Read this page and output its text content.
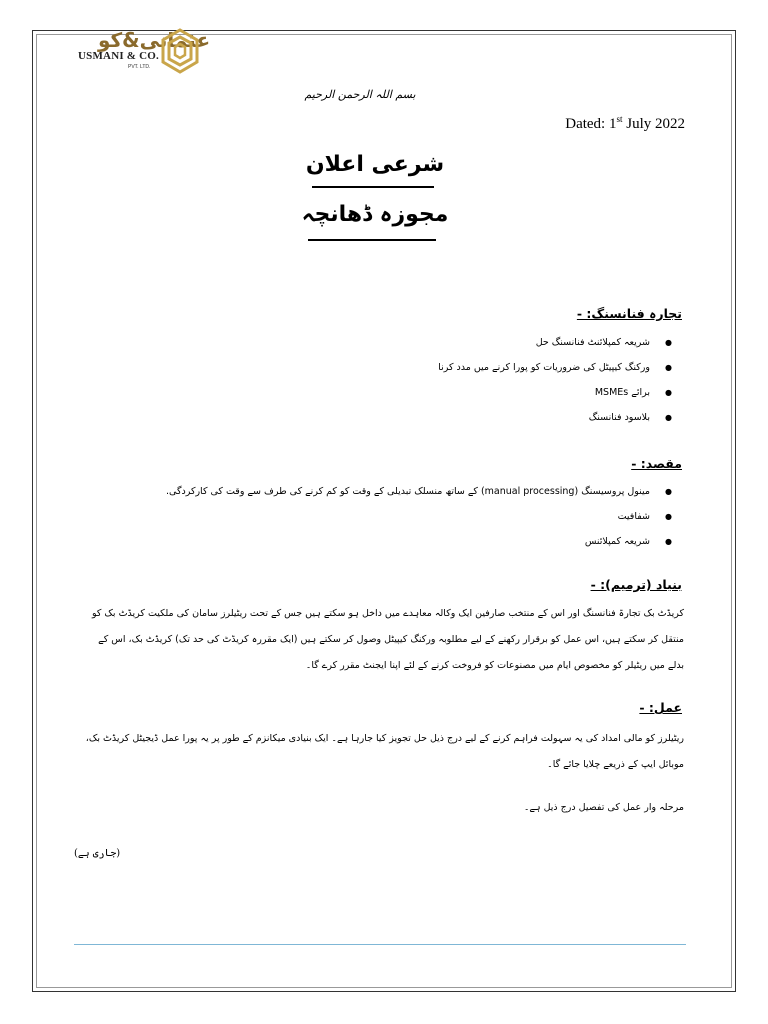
عثمانی&کو
USMANI & CO.
PVT. LTD.
بسم اللہ الرحمن الرحیم
Dated: 1st July 2022
شرعی اعلان
مجوزہ ڈھانچہ
تجارہ فنانسنگ: -
● شریعہ کمپلائنٹ فنانسنگ حل
● ورکنگ کیپیٹل کی ضروریات کو پورا کرنے میں مدد کرنا
● برائے MSMEs
● بلاسود فنانسنگ
مقصد: -
● مینول پروسیسنگ (manual processing) کے ساتھ منسلک تبدیلی کے وقت کو کم کرنے کی طرف سے وقت کی کارکردگی.
● شفافیت
● شریعہ کمپلائنس
بنیاد (ترمیم): -
کریڈٹ بک تجارۃ فنانسنگ اور اس کے منتخب صارفین ایک وکالہ معاہدے میں داخل ہو سکتے ہیں جس کے تحت ریٹیلرز سامان کی ملکیت کریڈٹ بک کو منتقل کر سکتے ہیں، اس عمل کو برقرار رکھنے کے لیے مطلوبہ ورکنگ کیپیٹل وصول کر سکتے ہیں (ایک مقررہ کریڈٹ کی حد تک) کریڈٹ بک، اس کے بدلے میں ریٹیلر کو مخصوص ایام میں مصنوعات کو فروخت کرنے کے لئے اپنا ایجنٹ مقرر کرے گا۔
عمل: -
ریٹیلرز کو مالی امداد کی یہ سہولت فراہم کرنے کے لیے درج ذیل حل تجویز کیا جارہا ہے۔ ایک بنیادی میکانزم کے طور پر یہ پورا عمل ڈیجیٹل کریڈٹ بک، موبائل ایپ کے ذریعے چلایا جائے گا۔
مرحلہ وار عمل کی تفصیل درج ذیل ہے۔
(جاری ہے)
